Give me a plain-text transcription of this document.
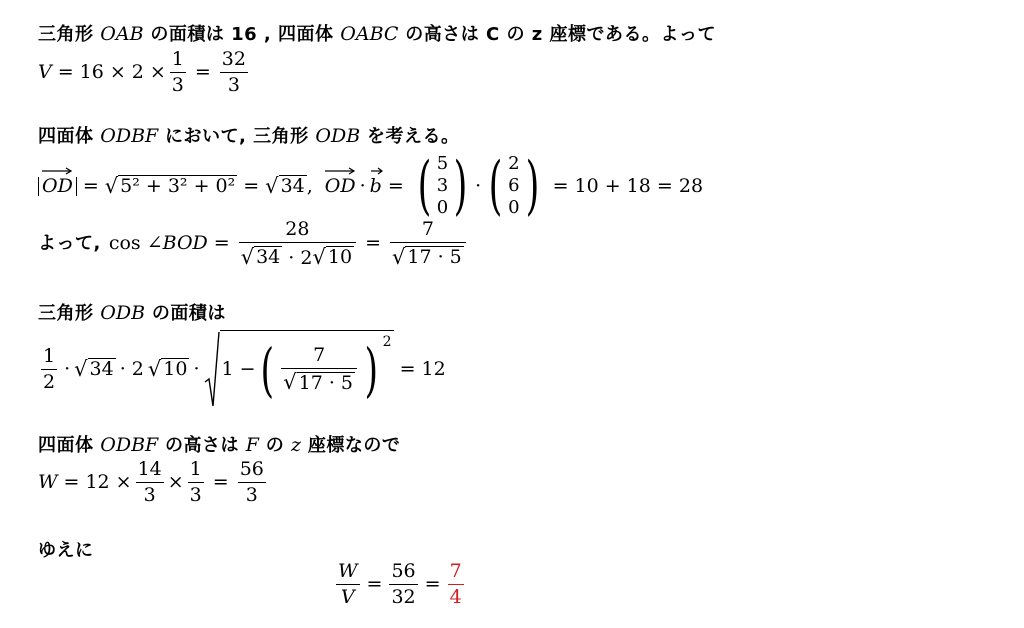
三角形 OAB の面積は 16 , 四面体 OABC の高さは C の z 座標である。よって
$V = 16 \times 2 \times \frac{1}{3} = \frac{32}{3}$
四面体 ODBF において, 三角形 ODB を考える。
OD = √ 5² + 3² + 0² = √ 34 , OD · b = ( 5
3
0 ) · ( 2
6
0 ) = 10 + 18 = 28
よって, cos ∠ BOD = $\frac{28}{√ 34 \cdot 2 √ 10} = \frac{7}{√ 17 \cdot 5}$
三角形 ODB の面積は
$\frac{1}{2}$ · √ 34 · 2 √ 10 · 1 − ( $\frac{7}{√ 17 \cdot 5}$ ) $^2$
= 12
四面体 ODBF の高さは F の z 座標なので
$W = 12 \times \frac{14}{3} \times \frac{1}{3} = \frac{56}{3}$
ゆえに
$\frac{W}{V} = \frac{56}{32} = \frac{7}{4}$
